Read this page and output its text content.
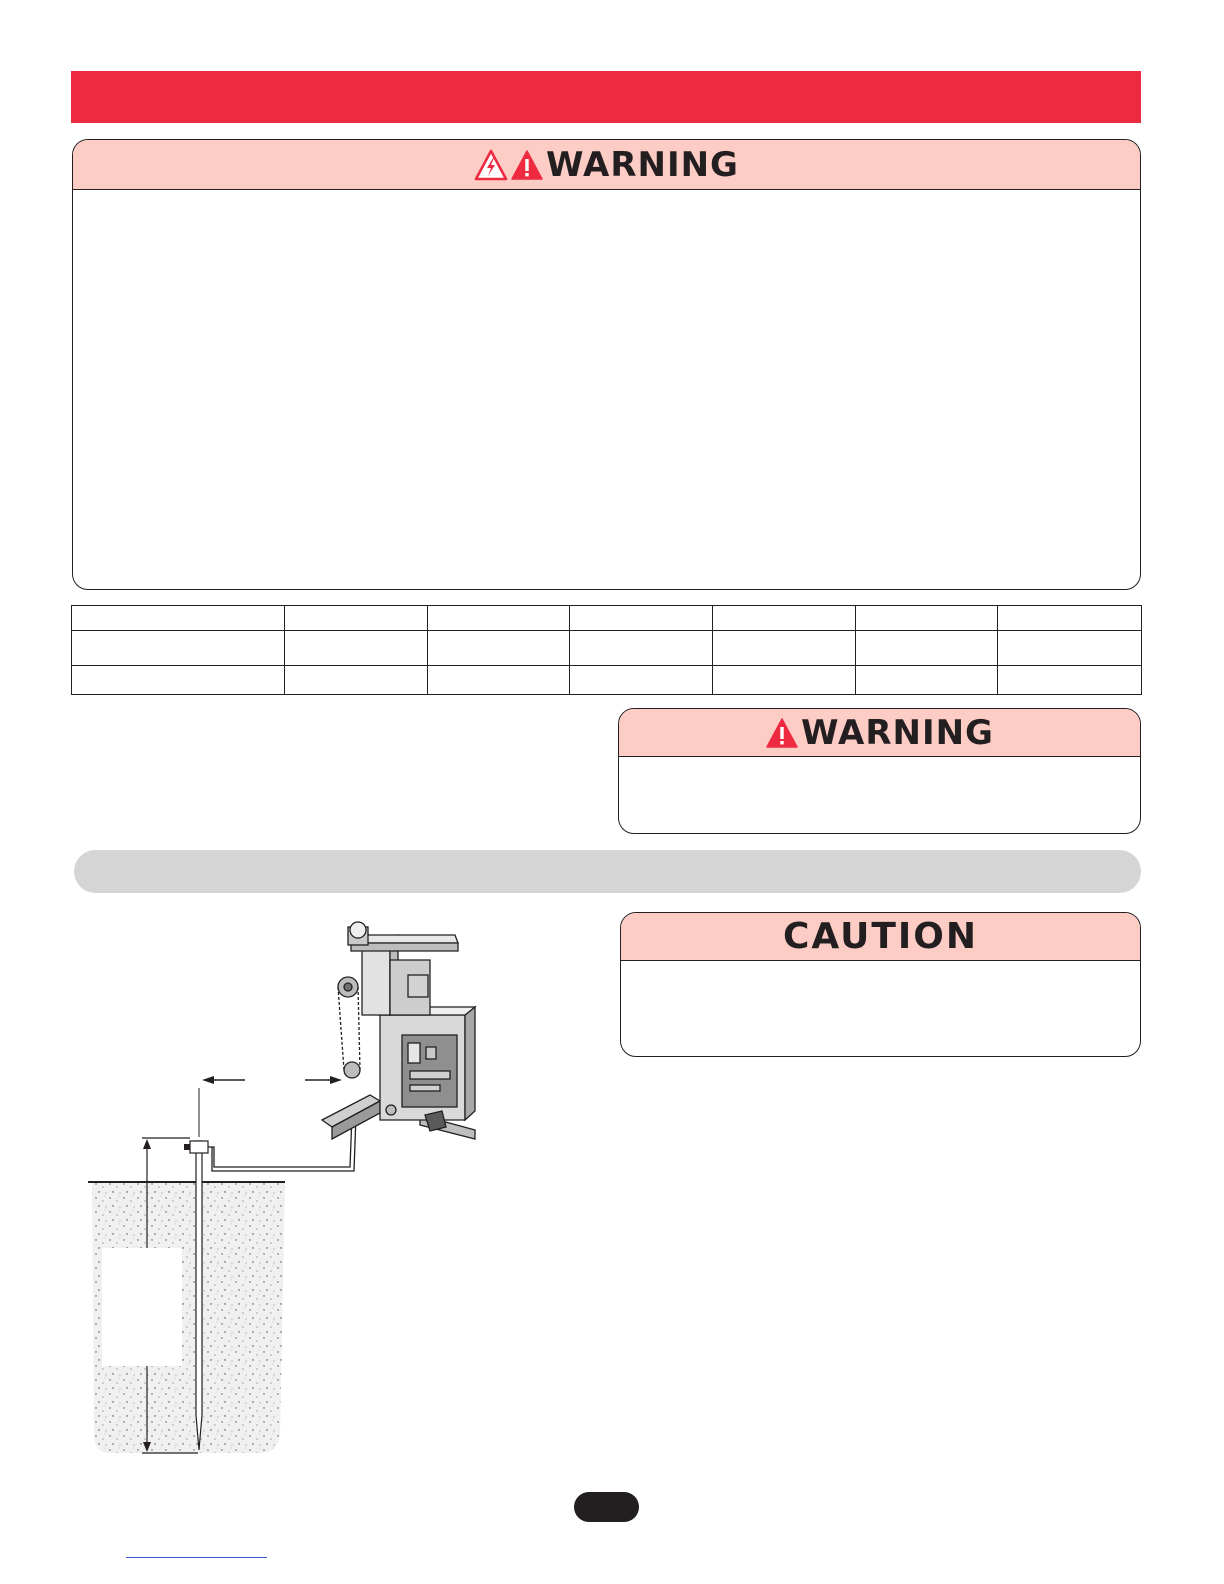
WARNING

WARNING
CAUTION
